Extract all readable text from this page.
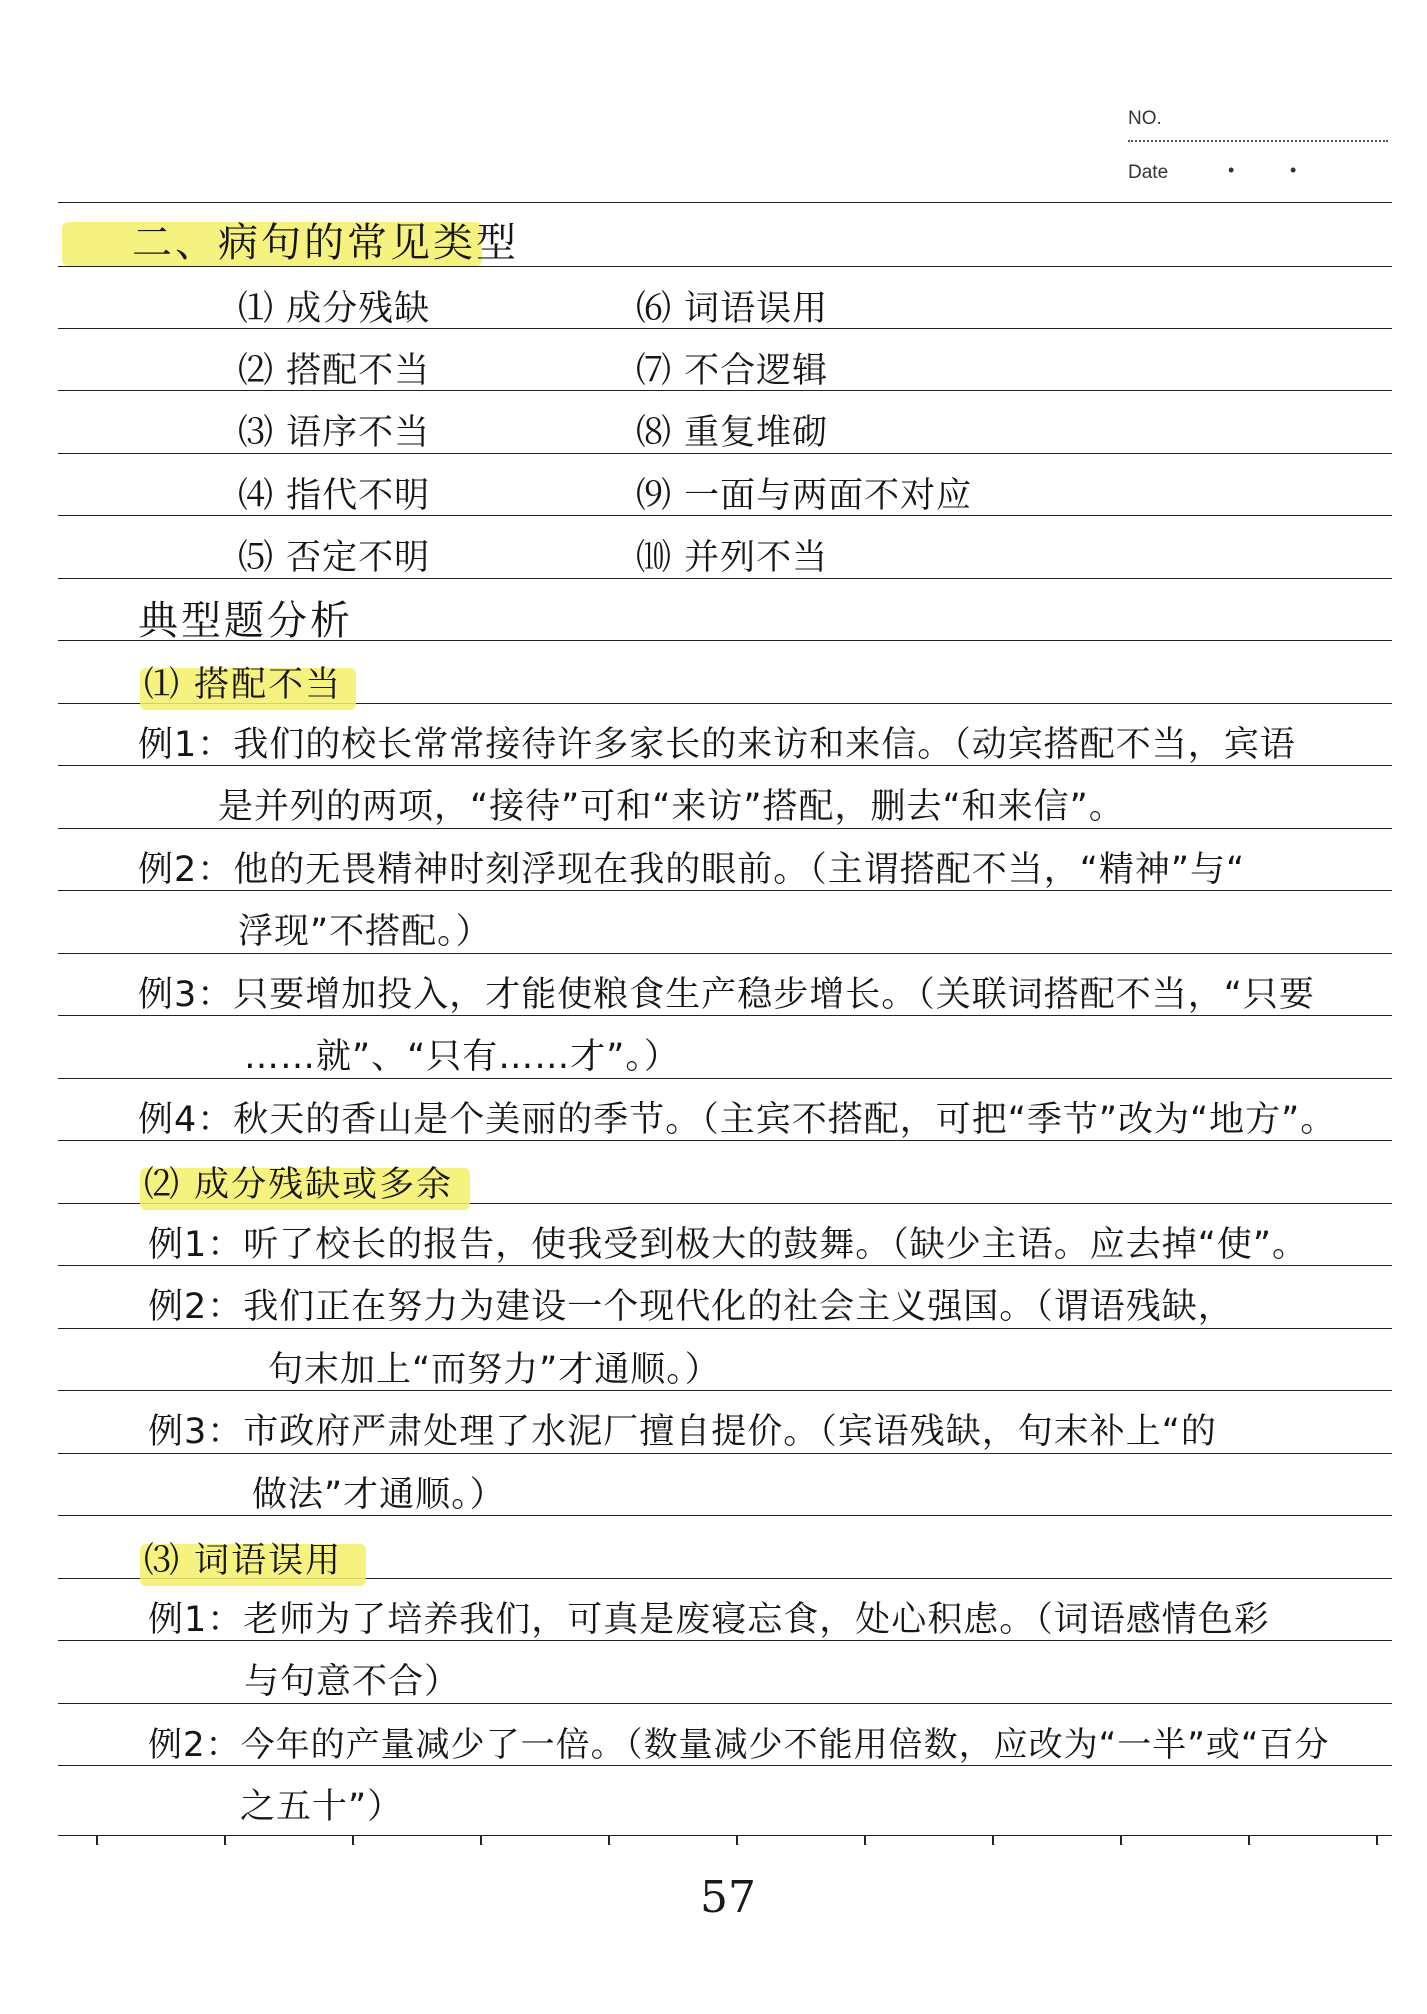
NO.
Date	•	•
二、病句的常见类型
⑴ 成分残缺
⑵ 搭配不当
⑶ 语序不当
⑷ 指代不明
⑸ 否定不明
⑹ 词语误用
⑺ 不合逻辑
⑻ 重复堆砌
⑼ 一面与两面不对应
⑽ 并列不当
典型题分析
⑴ 搭配不当
例1：我们的校长常常接待许多家长的来访和来信。（动宾搭配不当，宾语
是并列的两项，“接待”可和“来访”搭配，删去“和来信”。
例2：他的无畏精神时刻浮现在我的眼前。（主谓搭配不当，“精神”与“
浮现”不搭配。）
例3：只要增加投入，才能使粮食生产稳步增长。（关联词搭配不当，“只要
……就”、“只有……才”。）
例4：秋天的香山是个美丽的季节。（主宾不搭配，可把“季节”改为“地方”。
⑵ 成分残缺或多余
例1：听了校长的报告，使我受到极大的鼓舞。（缺少主语。应去掉“使”。
例2：我们正在努力为建设一个现代化的社会主义强国。（谓语残缺，
句末加上“而努力”才通顺。）
例3：市政府严肃处理了水泥厂擅自提价。（宾语残缺，句末补上“的
做法”才通顺。）
⑶ 词语误用
例1：老师为了培养我们，可真是废寝忘食，处心积虑。（词语感情色彩
与句意不合）
例2：今年的产量减少了一倍。（数量减少不能用倍数，应改为“一半”或“百分
之五十”）
57
